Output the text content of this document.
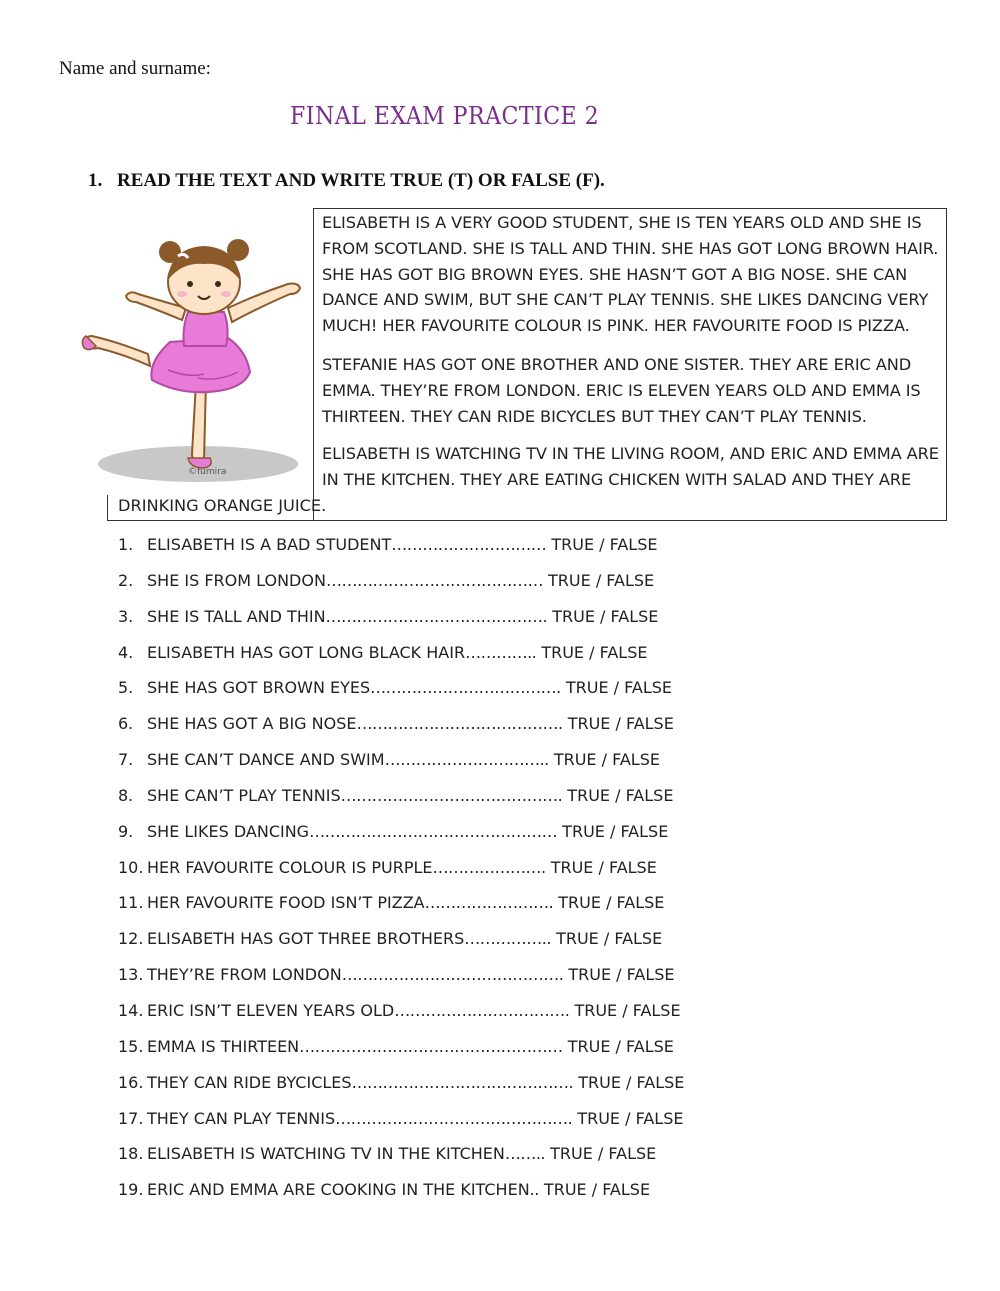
Name and surname:
FINAL EXAM PRACTICE 2
1. READ THE TEXT AND WRITE TRUE (T) OR FALSE (F).
©fumira
ELISABETH IS A VERY GOOD STUDENT, SHE IS TEN YEARS OLD AND SHE IS FROM SCOTLAND. SHE IS TALL AND THIN. SHE HAS GOT LONG BROWN HAIR. SHE HAS GOT BIG BROWN EYES. SHE HASN’T GOT A BIG NOSE. SHE CAN DANCE AND SWIM, BUT SHE CAN’T PLAY TENNIS. SHE LIKES DANCING VERY MUCH! HER FAVOURITE COLOUR IS PINK. HER FAVOURITE FOOD IS PIZZA.
STEFANIE HAS GOT ONE BROTHER AND ONE SISTER. THEY ARE ERIC AND EMMA. THEY’RE FROM LONDON. ERIC IS ELEVEN YEARS OLD AND EMMA IS THIRTEEN. THEY CAN RIDE BICYCLES BUT THEY CAN’T PLAY TENNIS.
ELISABETH IS WATCHING TV IN THE LIVING ROOM, AND ERIC AND EMMA ARE IN THE KITCHEN. THEY ARE EATING CHICKEN WITH SALAD AND THEY ARE
DRINKING ORANGE JUICE.
1. ELISABETH IS A BAD STUDENT………………………… TRUE / FALSE
2. SHE IS FROM LONDON…………………………………… TRUE / FALSE
3. SHE IS TALL AND THIN……………………………………. TRUE / FALSE
4. ELISABETH HAS GOT LONG BLACK HAIR………….. TRUE / FALSE
5. SHE HAS GOT BROWN EYES………………………………. TRUE / FALSE
6. SHE HAS GOT A BIG NOSE…………………………………. TRUE / FALSE
7. SHE CAN’T DANCE AND SWIM………………………….. TRUE / FALSE
8. SHE CAN’T PLAY TENNIS……………………………………. TRUE / FALSE
9. SHE LIKES DANCING………………………………………… TRUE / FALSE
10. HER FAVOURITE COLOUR IS PURPLE…………………. TRUE / FALSE
11. HER FAVOURITE FOOD ISN’T PIZZA……………………. TRUE / FALSE
12. ELISABETH HAS GOT THREE BROTHERS…………….. TRUE / FALSE
13. THEY’RE FROM LONDON……………………………………. TRUE / FALSE
14. ERIC ISN’T ELEVEN YEARS OLD……………………………. TRUE / FALSE
15. EMMA IS THIRTEEN…………………………………………… TRUE / FALSE
16. THEY CAN RIDE BYCICLES……………………………………. TRUE / FALSE
17. THEY CAN PLAY TENNIS………………………………………. TRUE / FALSE
18. ELISABETH IS WATCHING TV IN THE KITCHEN…….. TRUE / FALSE
19. ERIC AND EMMA ARE COOKING IN THE KITCHEN.. TRUE / FALSE
